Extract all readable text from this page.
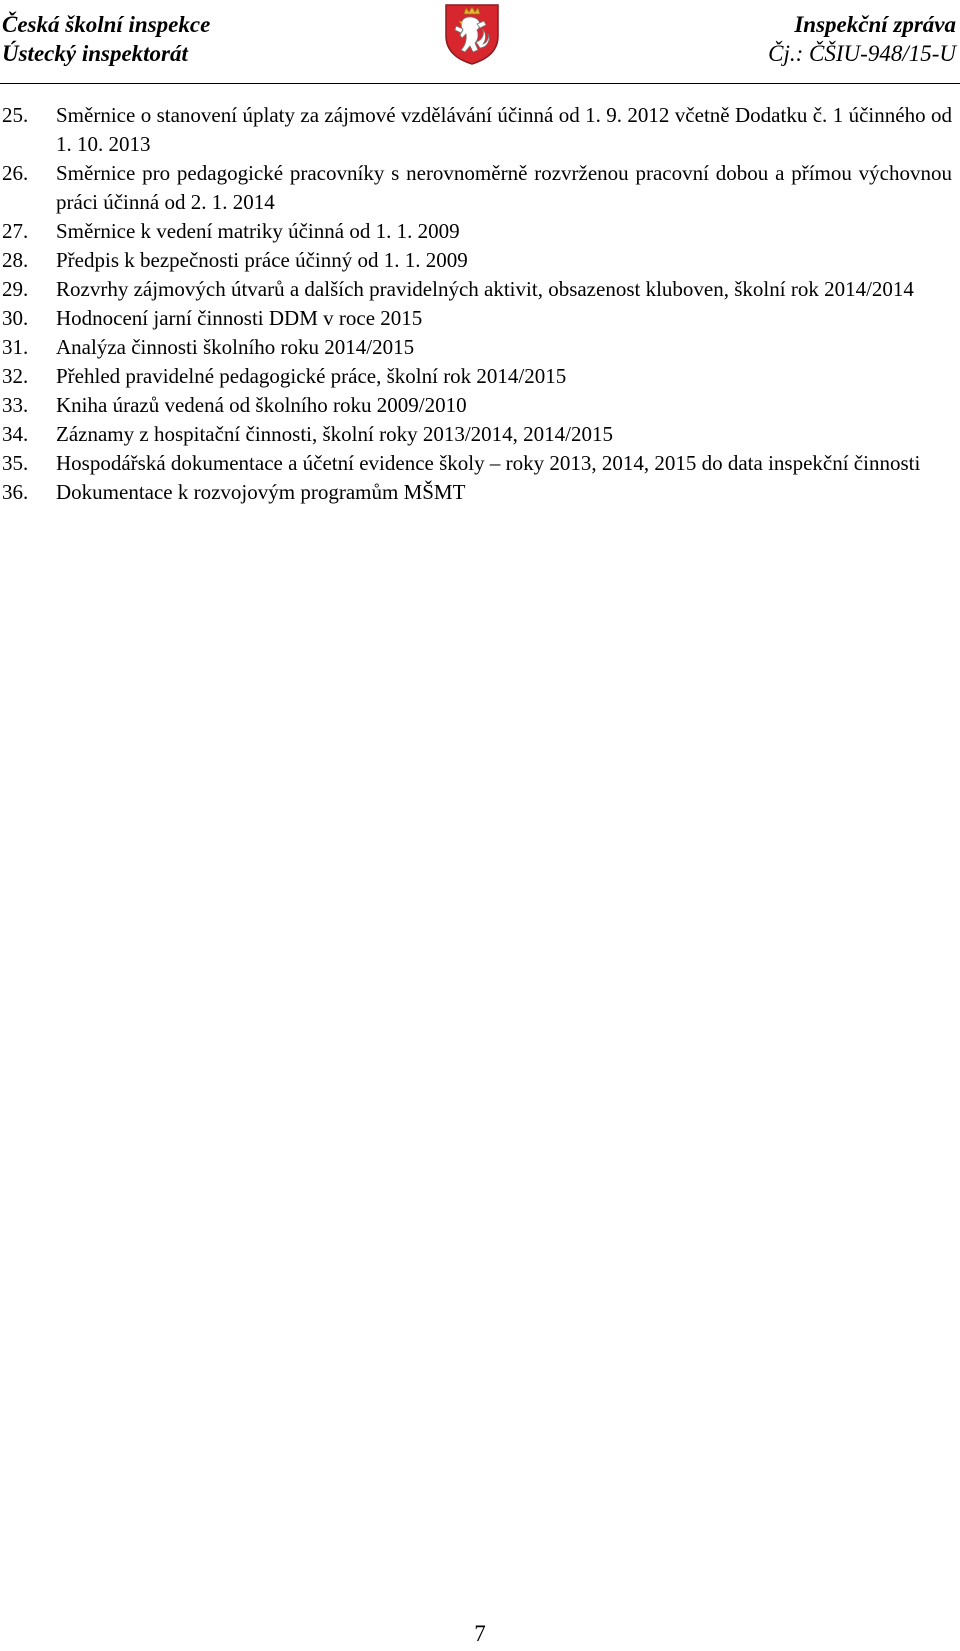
Česká školní inspekce
Ústecký inspektorát
Inspekční zpráva
Čj.: ČŠIU-948/15-U
25.	Směrnice o stanovení úplaty za zájmové vzdělávání účinná od 1. 9. 2012 včetně Dodatku č. 1 účinného od 1. 10. 2013
26.	Směrnice pro pedagogické pracovníky s nerovnoměrně rozvrženou pracovní dobou a přímou výchovnou práci účinná od 2. 1. 2014
27.	Směrnice k vedení matriky účinná od 1. 1. 2009
28.	Předpis k bezpečnosti práce účinný od 1. 1. 2009
29.	Rozvrhy zájmových útvarů a dalších pravidelných aktivit, obsazenost kluboven, školní rok 2014/2014
30.	Hodnocení jarní činnosti DDM v roce 2015
31.	Analýza činnosti školního roku 2014/2015
32.	Přehled pravidelné pedagogické práce, školní rok 2014/2015
33.	Kniha úrazů vedená od školního roku 2009/2010
34.	Záznamy z hospitační činnosti, školní roky 2013/2014, 2014/2015
35.	Hospodářská dokumentace a účetní evidence školy – roky 2013, 2014, 2015 do data inspekční činnosti
36.	Dokumentace k rozvojovým programům MŠMT
7
